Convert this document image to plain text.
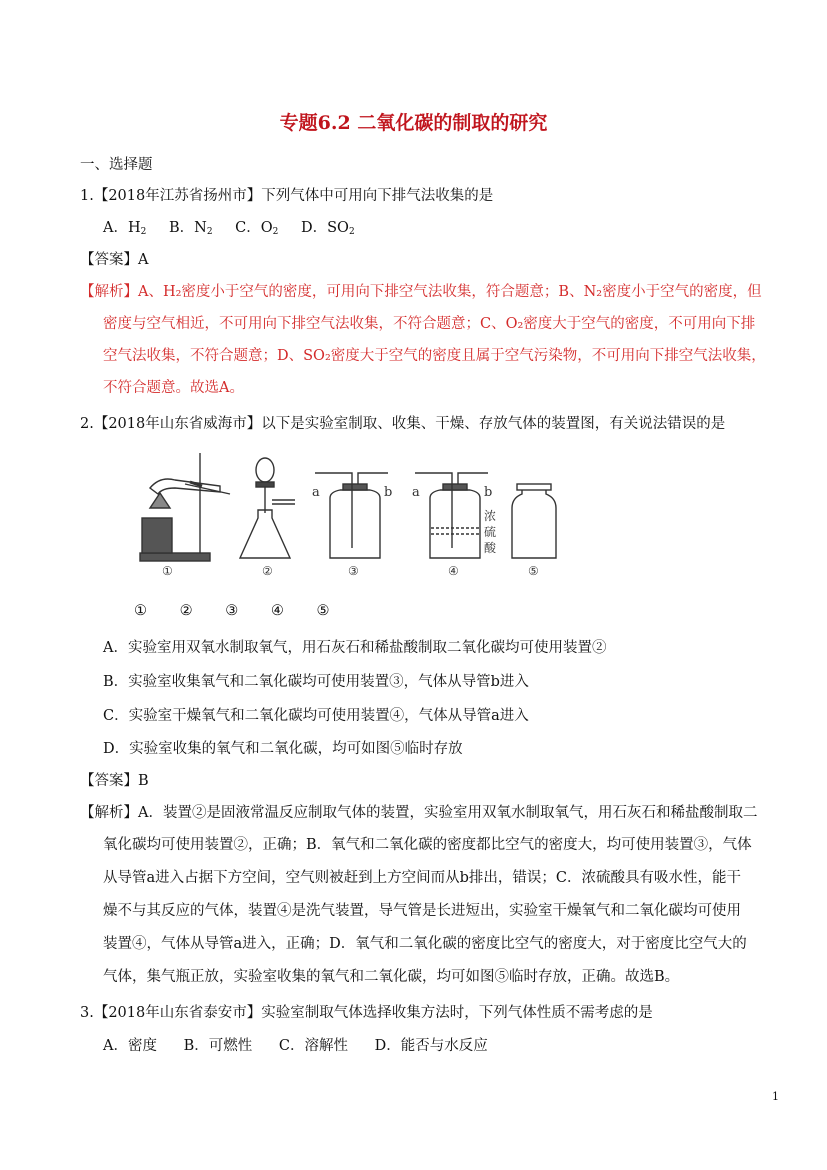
专题6.2 二氧化碳的制取的研究
一、选择题
1.【2018年江苏省扬州市】下列气体中可用向下排气法收集的是
A．$H_2$ B．$N_2$ C．$O_2$ D．$SO_2$
【答案】A
【解析】A、H₂密度小于空气的密度，可用向下排空气法收集，符合题意；B、N₂密度小于空气的密度，但
密度与空气相近，不可用向下排空气法收集，不符合题意；C、O₂密度大于空气的密度，不可用向下排
空气法收集，不符合题意；D、SO₂密度大于空气的密度且属于空气污染物，不可用向下排空气法收集，
不符合题意。故选A。
2.【2018年山东省威海市】以下是实验室制取、收集、干燥、存放气体的装置图，有关说法错误的是
①	②
a	b
③
a	b
浓
硫
酸
④	⑤
① ② ③ ④ ⑤
A．实验室用双氧水制取氧气，用石灰石和稀盐酸制取二氧化碳均可使用装置②
B．实验室收集氧气和二氧化碳均可使用装置③，气体从导管b进入
C．实验室干燥氧气和二氧化碳均可使用装置④，气体从导管a进入
D．实验室收集的氧气和二氧化碳，均可如图⑤临时存放
【答案】B
【解析】A．装置②是固液常温反应制取气体的装置，实验室用双氧水制取氧气，用石灰石和稀盐酸制取二
氧化碳均可使用装置②，正确；B．氧气和二氧化碳的密度都比空气的密度大，均可使用装置③，气体
从导管a进入占据下方空间，空气则被赶到上方空间而从b排出，错误；C．浓硫酸具有吸水性，能干
燥不与其反应的气体，装置④是洗气装置，导气管是长进短出，实验室干燥氧气和二氧化碳均可使用
装置④，气体从导管a进入，正确；D．氧气和二氧化碳的密度比空气的密度大，对于密度比空气大的
气体，集气瓶正放，实验室收集的氧气和二氧化碳，均可如图⑤临时存放，正确。故选B。
3.【2018年山东省泰安市】实验室制取气体选择收集方法时，下列气体性质不需考虑的是
A．密度 B．可燃性 C．溶解性 D．能否与水反应
1
